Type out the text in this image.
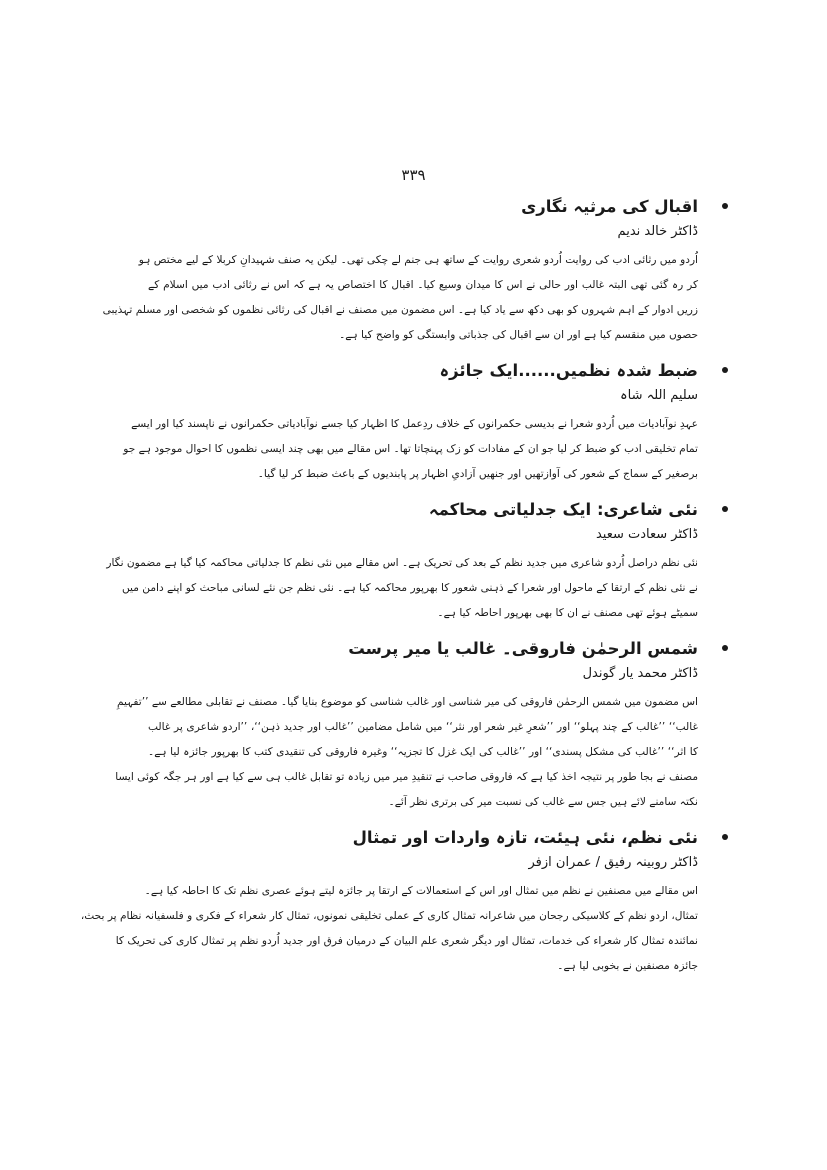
۳۳۹
اقبال کی مرثیہ نگاری
ڈاکٹر خالد ندیم
اُردو میں رثائی ادب کی روایت اُردو شعری روایت کے ساتھ ہی جنم لے چکی تھی۔ لیکن یہ صنف شہیدانِ کربلا کے لیے مختص ہو
کر رہ گئی تھی البتہ غالب اور حالی نے اس کا میدان وسیع کیا۔ اقبال کا اختصاص یہ ہے کہ اس نے رثائی ادب میں اسلام کے
زریں ادوار کے اہم شہروں کو بھی دکھ سے یاد کیا ہے۔ اس مضمون میں مصنف نے اقبال کی رثائی نظموں کو شخصی اور مسلم تہذیبی
حصوں میں منقسم کیا ہے اور ان سے اقبال کی جذباتی وابستگی کو واضح کیا ہے۔
ضبط شدہ نظمیں......ایک جائزہ
سلیم اللہ شاہ
عہدِ نوآبادیات میں اُردو شعرا نے بدیسی حکمرانوں کے خلاف ردِعمل کا اظہار کیا جسے نوآبادیاتی حکمرانوں نے ناپسند کیا اور ایسے
تمام تخلیقی ادب کو ضبط کر لیا جو ان کے مفادات کو زک پہنچاتا تھا۔ اس مقالے میں بھی چند ایسی نظموں کا احوال موجود ہے جو
برصغیر کے سماج کے شعور کی آوازتھیں اور جنھیں آزادیِ اظہار پر پابندیوں کے باعث ضبط کر لیا گیا۔
نئی شاعری: ایک جدلیاتی محاکمہ
ڈاکٹر سعادت سعید
نئی نظم دراصل اُردو شاعری میں جدید نظم کے بعد کی تحریک ہے۔ اس مقالے میں نئی نظم کا جدلیاتی محاکمہ کیا گیا ہے مضمون نگار
نے نئی نظم کے ارتقا کے ماحول اور شعرا کے ذہنی شعور کا بھرپور محاکمہ کیا ہے۔ نئی نظم جن نئے لسانی مباحث کو اپنے دامن میں
سمیٹے ہوئے تھی مصنف نے ان کا بھی بھرپور احاطہ کیا ہے۔
شمس الرحمٰن فاروقی۔ غالب یا میر پرست
ڈاکٹر محمد یار گوندل
اس مضمون میں شمس الرحمٰن فاروقی کی میر شناسی اور غالب شناسی کو موضوع بنایا گیا۔ مصنف نے تقابلی مطالعے سے ’’تفہیمِ
غالب‘‘ ’’غالب کے چند پہلو‘‘ اور ’’شعرِ غیر شعر اور نثر‘‘ میں شامل مضامین ’’غالب اور جدید ذہن‘‘، ’’اردو شاعری پر غالب
کا اثر‘‘ ’’غالب کی مشکل پسندی‘‘ اور ’’غالب کی ایک غزل کا تجزیہ‘‘ وغیرہ فاروقی کی تنقیدی کتب کا بھرپور جائزہ لیا ہے۔
مصنف نے بجا طور پر نتیجہ اخذ کیا ہے کہ فاروقی صاحب نے تنقیدِ میر میں زیادہ تو تقابل غالب ہی سے کیا ہے اور ہر جگہ کوئی ایسا
نکتہ سامنے لائے ہیں جس سے غالب کی نسبت میر کی برتری نظر آئے۔
نئی نظم، نئی ہیئت، تازہ واردات اور تمثال
ڈاکٹر روبینہ رفیق / عمران ازفر
اس مقالے میں مصنفین نے نظم میں تمثال اور اس کے استعمالات کے ارتقا پر جائزہ لیتے ہوئے عصری نظم تک کا احاطہ کیا ہے۔
تمثال، اردو نظم کے کلاسیکی رجحان میں شاعرانہ تمثال کاری کے عملی تخلیقی نمونوں، تمثال کار شعراء کے فکری و فلسفیانہ نظام پر بحث،
نمائندہ تمثال کار شعراء کی خدمات، تمثال اور دیگر شعری علم البیان کے درمیان فرق اور جدید اُردو نظم پر تمثال کاری کی تحریک کا
جائزہ مصنفین نے بخوبی لیا ہے۔
